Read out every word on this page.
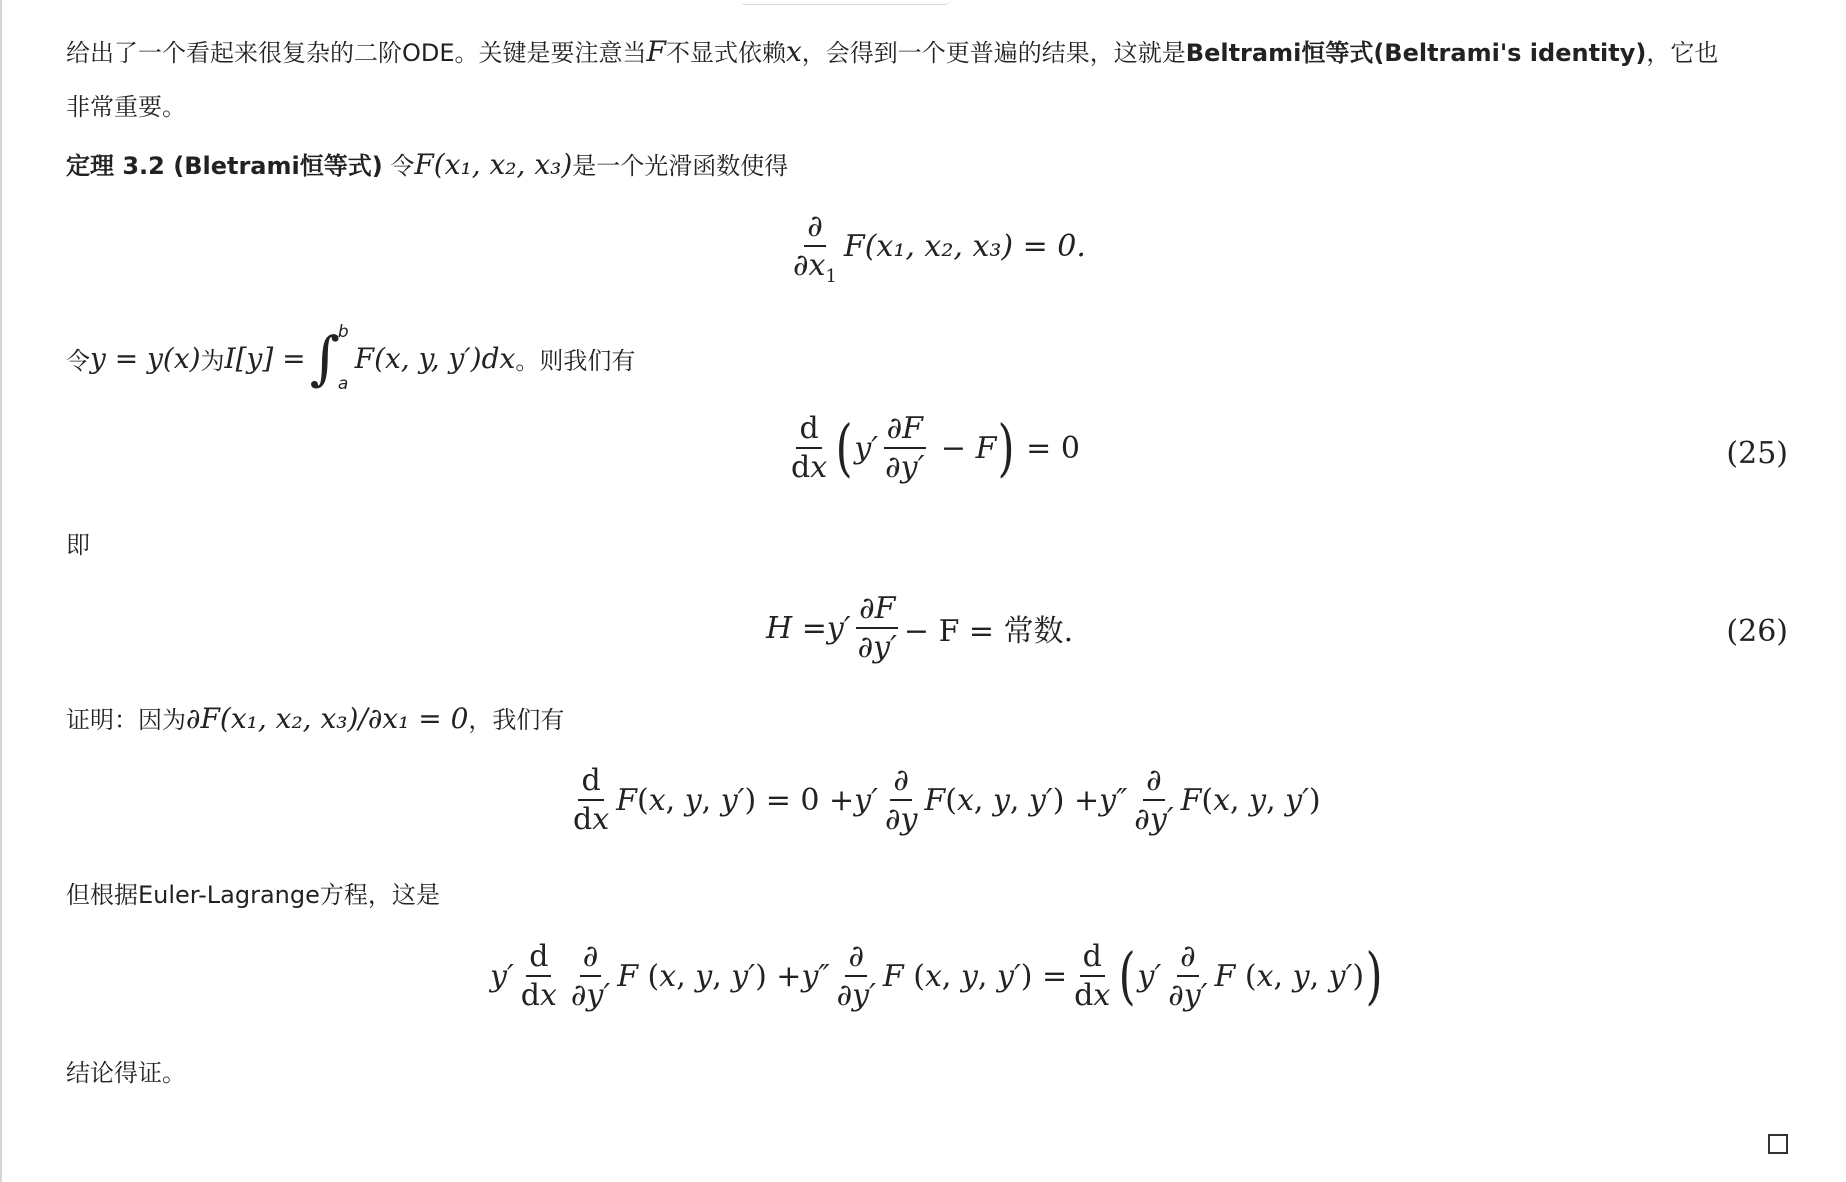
给出了一个看起来很复杂的二阶ODE。关键是要注意当F不显式依赖x，会得到一个更普遍的结果，这就是Beltrami恒等式(Beltrami's identity)，它也
非常重要。
定理 3.2 (Bletrami恒等式) 令F(x₁, x₂, x₃)是一个光滑函数使得
$\frac{\partial}{\partial x_1} F(x_1$, x₂, x₃) = 0.
令 y = y(x) 为 I[y] = ∫
b
a
F(x, y, y′)dx 。则我们有
$\frac{d}{dx}$ ( $y' \frac{\partial F}{\partial y'} - F$ ) = 0	(25)
即
$H = y' \frac{\partial F}{\partial y'} - F$ = 常数.	(26)
证明：因为∂F(x₁, x₂, x₃)/∂x₁ = 0，我们有
$\frac{d}{dx}$ F (x, y, $y') = 0 + y' \frac{\partial}{\partial y}$ F (x, y, $y') + y'' \frac{\partial}{\partial y'}$ F (x, y, y′)
但根据Euler-Lagrange方程，这是
$y' \frac{d}{dx} \frac{\partial}{\partial y'}$ F (x, y, $y') + y'' \frac{\partial}{\partial y'}$ F (x, y, $y') = \frac{d}{dx}$ ( $y' \frac{\partial}{\partial y'}$ F (x, y, y′) )
结论得证。
